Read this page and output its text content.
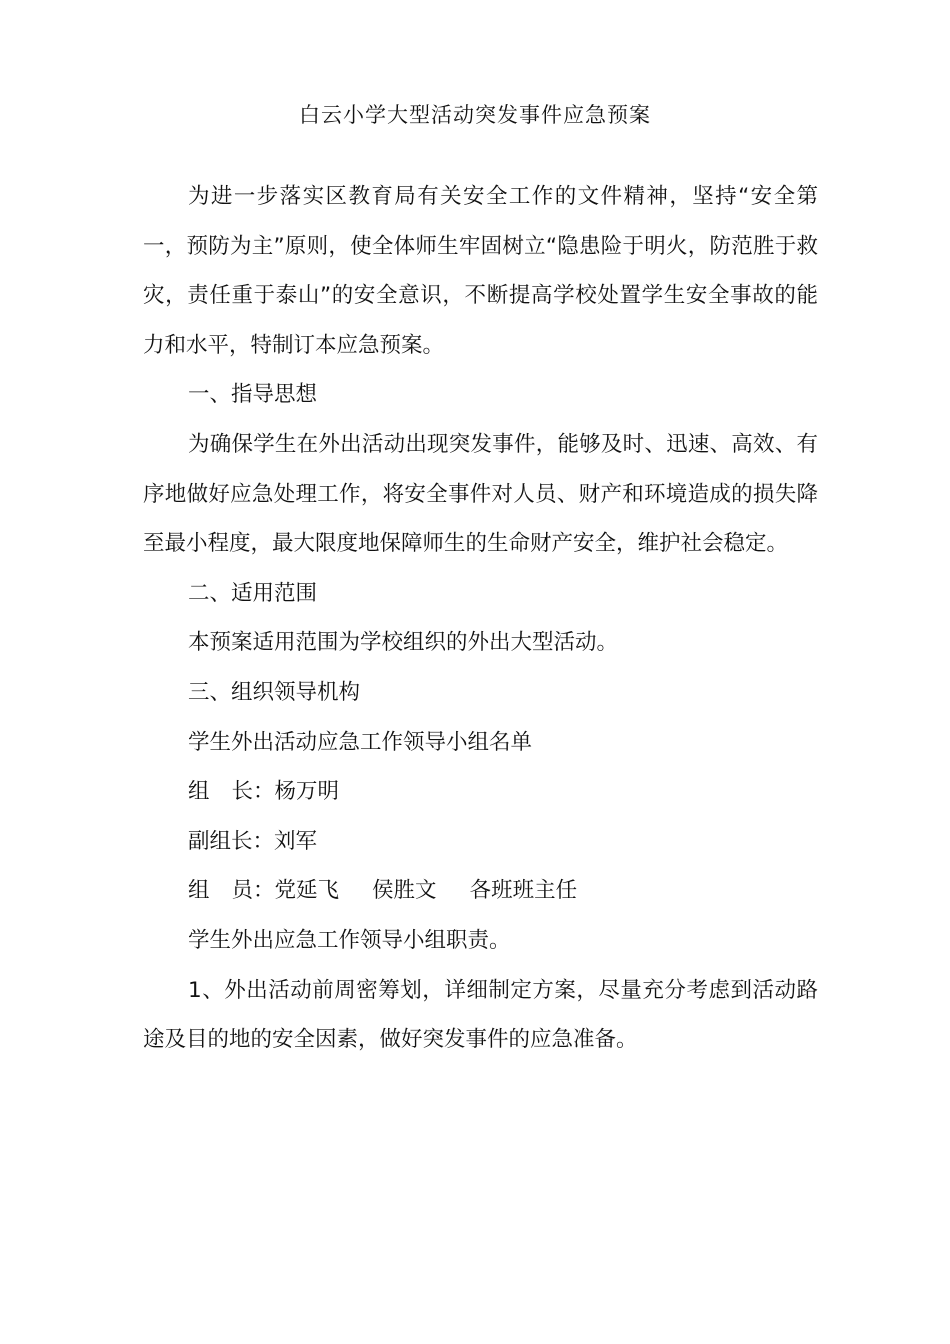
白云小学大型活动突发事件应急预案

为进一步落实区教育局有关安全工作的文件精神，坚持“安全第一，预防为主”原则，使全体师生牢固树立“隐患险于明火，防范胜于救灾，责任重于泰山”的安全意识，不断提高学校处置学生安全事故的能力和水平，特制订本应急预案。

一、指导思想

为确保学生在外出活动出现突发事件，能够及时、迅速、高效、有序地做好应急处理工作，将安全事件对人员、财产和环境造成的损失降至最小程度，最大限度地保障师生的生命财产安全，维护社会稳定。

二、适用范围

本预案适用范围为学校组织的外出大型活动。

三、组织领导机构

学生外出活动应急工作领导小组名单

组 长：杨万明

副组长：刘军

组 员：党延飞 侯胜文 各班班主任

学生外出应急工作领导小组职责。

1、外出活动前周密筹划，详细制定方案，尽量充分考虑到活动路途及目的地的安全因素，做好突发事件的应急准备。
